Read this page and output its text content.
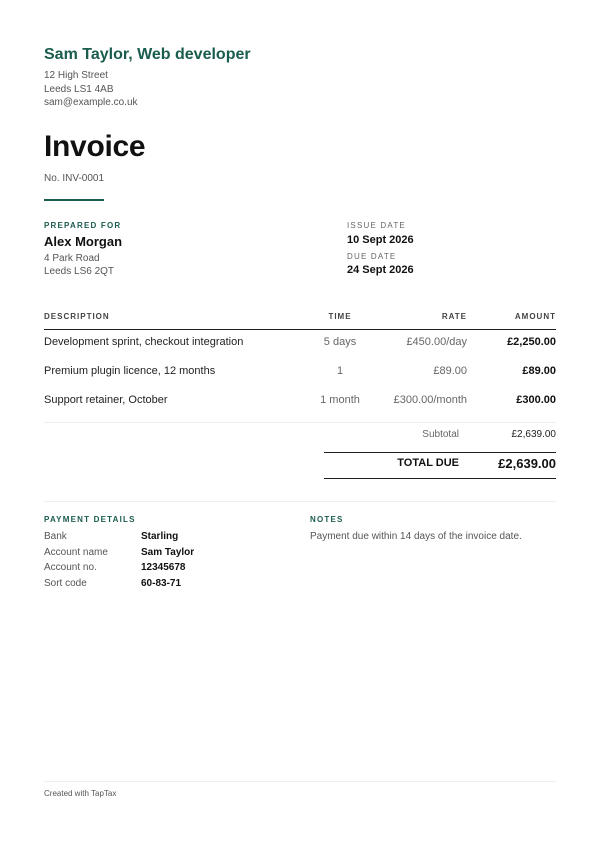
Sam Taylor, Web developer
12 High Street
Leeds LS1 4AB
sam@example.co.uk
Invoice
No. INV-0001
PREPARED FOR
Alex Morgan
4 Park Road
Leeds LS6 2QT
ISSUE DATE
10 Sept 2026
DUE DATE
24 Sept 2026
DESCRIPTION	TIME	RATE	AMOUNT
Development sprint, checkout integration	5 days	£450.00/day	£2,250.00
Premium plugin licence, 12 months	1	£89.00	£89.00
Support retainer, October	1 month	£300.00/month	£300.00
Subtotal	£2,639.00
TOTAL DUE	£2,639.00
PAYMENT DETAILS
Bank	Starling
Account name	Sam Taylor
Account no.	12345678
Sort code	60-83-71
NOTES
Payment due within 14 days of the invoice date.
Created with TapTax
